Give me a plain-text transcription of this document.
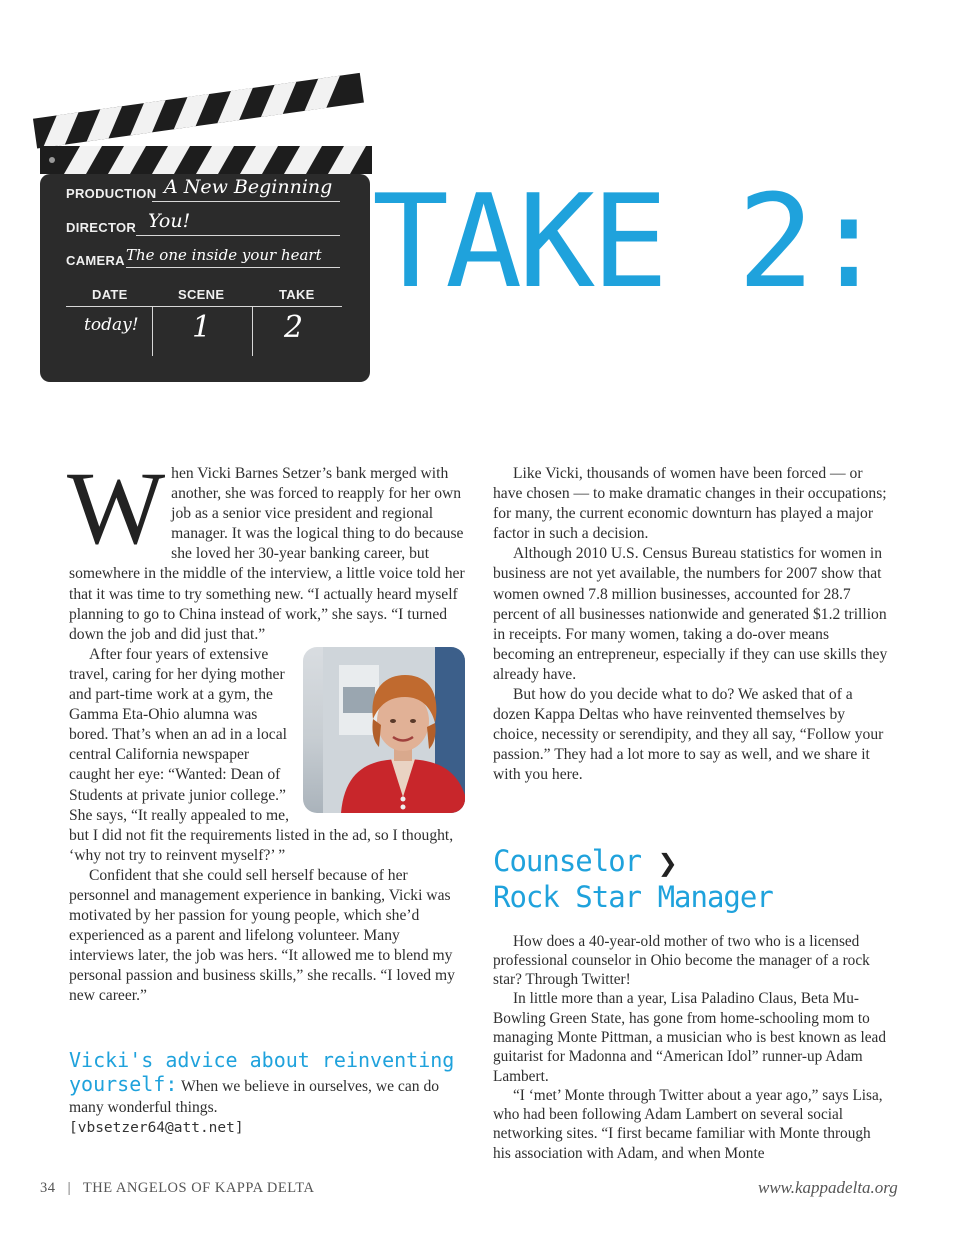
PRODUCTION A New Beginning
DIRECTOR You!
CAMERA The one inside your heart
DATE	SCENE	TAKE
today! 1 2
TAKE 2:

When Vicki Barnes Setzer’s bank merged with another, she was forced to reapply for her own job as a senior vice president and regional manager. It was the logical thing to do because she loved her 30-year banking career, but somewhere in the middle of the interview, a little voice told her that it was time to try something new. “I actually heard myself planning to go to China instead of work,” she says. “I turned down the job and did just that.”

After four years of extensive travel, caring for her dying mother and part-time work at a gym, the Gamma Eta-Ohio alumna was bored. That’s when an ad in a local central California newspaper caught her eye: “Wanted: Dean of Students at private junior college.” She says, “It really appealed to me, but I did not fit the requirements listed in the ad, so I thought, ‘why not try to reinvent myself?’ ”

Confident that she could sell herself because of her personnel and management experience in banking, Vicki was motivated by her passion for young people, which she’d experienced as a parent and lifelong volunteer. Many interviews later, the job was hers. “It allowed me to blend my personal passion and business skills,” she recalls. “I loved my new career.”

Vicki's advice about reinventing yourself: When we believe in ourselves, we can do many wonderful things.
[vbsetzer64@att.net]

Like Vicki, thousands of women have been forced — or have chosen — to make dramatic changes in their occupations; for many, the current economic downturn has played a major factor in such a decision.

Although 2010 U.S. Census Bureau statistics for women in business are not yet available, the numbers for 2007 show that women owned 7.8 million businesses, accounted for 28.7 percent of all businesses nationwide and generated $1.2 trillion in receipts. For many women, taking a do-over means becoming an entrepreneur, especially if they can use skills they already have.

But how do you decide what to do? We asked that of a dozen Kappa Deltas who have reinvented themselves by choice, necessity or serendipity, and they all say, “Follow your passion.” They had a lot more to say as well, and we share it with you here.

Counselor ❯
Rock Star Manager

How does a 40-year-old mother of two who is a licensed professional counselor in Ohio become the manager of a rock star? Through Twitter!

In little more than a year, Lisa Paladino Claus, Beta Mu-Bowling Green State, has gone from home-schooling mom to managing Monte Pittman, a musician who is best known as lead guitarist for Madonna and “American Idol” runner-up Adam Lambert.

“I ‘met’ Monte through Twitter about a year ago,” says Lisa, who had been following Adam Lambert on several social networking sites. “I first became familiar with Monte through his association with Adam, and when Monte

34 | THE ANGELOS OF KAPPA DELTA	www.kappadelta.org
